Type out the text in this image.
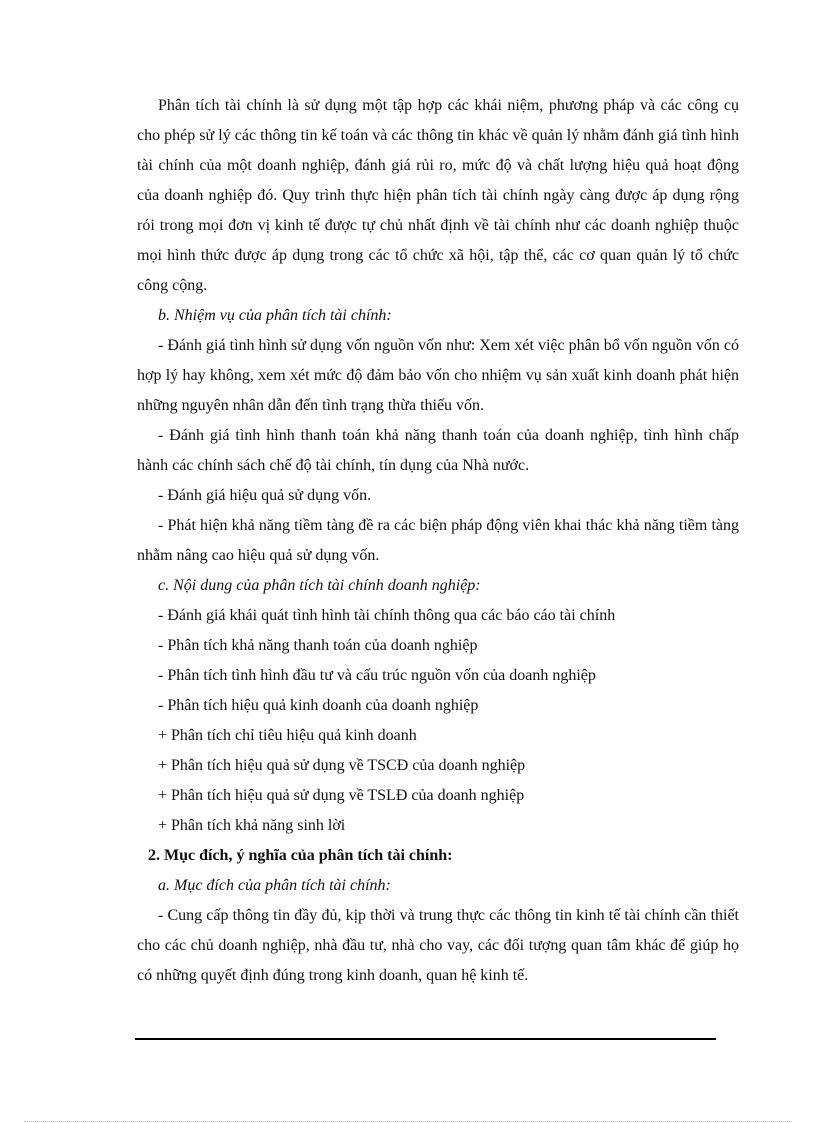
Phân tích tài chính là sử dụng một tập hợp các khái niệm, phương pháp và các công cụ cho phép sử lý các thông tin kế toán và các thông tin khác về quản lý nhằm đánh giá tình hình tài chính của một doanh nghiệp, đánh giá rủi ro, mức độ và chất lượng hiệu quả hoạt động của doanh nghiệp đó. Quy trình thực hiện phân tích tài chính ngày càng được áp dụng rộng rói trong mọi đơn vị kinh tế được tự chủ nhất định về tài chính như các doanh nghiệp thuộc mọi hình thức được áp dụng trong các tổ chức xã hội, tập thể, các cơ quan quản lý tổ chức công cộng.

b. Nhiệm vụ của phân tích tài chính:

- Đánh giá tình hình sử dụng vốn nguồn vốn như: Xem xét việc phân bổ vốn nguồn vốn có hợp lý hay không, xem xét mức độ đảm bảo vốn cho nhiệm vụ sản xuất kinh doanh phát hiện những nguyên nhân dẫn đến tình trạng thừa thiếu vốn.

- Đánh giá tình hình thanh toán khả năng thanh toán của doanh nghiệp, tình hình chấp hành các chính sách chế độ tài chính, tín dụng của Nhà nước.

- Đánh giá hiệu quả sử dụng vốn.

- Phát hiện khả năng tiềm tàng đề ra các biện pháp động viên khai thác khả năng tiềm tàng nhằm nâng cao hiệu quả sử dụng vốn.

c. Nội dung của phân tích tài chính doanh nghiệp:

- Đánh giá khái quát tình hình tài chính thông qua các báo cáo tài chính

- Phân tích khả năng thanh toán của doanh nghiệp

- Phân tích tình hình đầu tư và cấu trúc nguồn vốn của doanh nghiệp

- Phân tích hiệu quả kinh doanh của doanh nghiệp

+ Phân tích chỉ tiêu hiệu quả kinh doanh

+ Phân tích hiệu quả sử dụng về TSCĐ của doanh nghiệp

+ Phân tích hiệu quả sử dụng về TSLĐ của doanh nghiệp

+ Phân tích khả năng sinh lời

2. Mục đích, ý nghĩa của phân tích tài chính:

a. Mục đích của phân tích tài chính:

- Cung cấp thông tin đầy đủ, kịp thời và trung thực các thông tin kinh tế tài chính cần thiết cho các chủ doanh nghiệp, nhà đầu tư, nhà cho vay, các đối tượng quan tâm khác để giúp họ có những quyết định đúng trong kinh doanh, quan hệ kinh tế.
